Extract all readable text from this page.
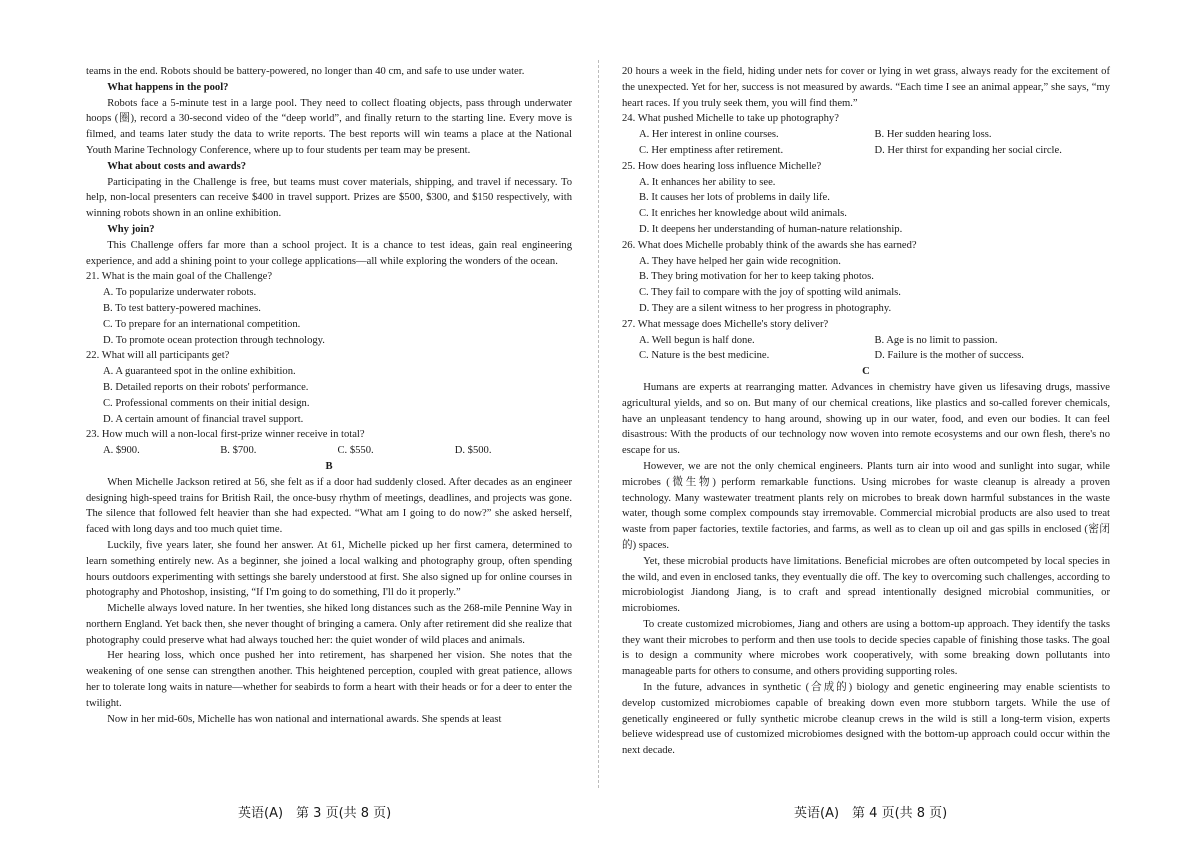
teams in the end. Robots should be battery-powered, no longer than 40 cm, and safe to use under water.

What happens in the pool?

Robots face a 5-minute test in a large pool. They need to collect floating objects, pass through underwater hoops (圈), record a 30-second video of the “deep world”, and finally return to the starting line. Every move is filmed, and teams later study the data to write reports. The best reports will win teams a place at the National Youth Marine Technology Conference, where up to four students per team may be present.

What about costs and awards?

Participating in the Challenge is free, but teams must cover materials, shipping, and travel if necessary. To help, non-local presenters can receive $400 in travel support. Prizes are $500, $300, and $150 respectively, with winning robots shown in an online exhibition.

Why join?

This Challenge offers far more than a school project. It is a chance to test ideas, gain real engineering experience, and add a shining point to your college applications—all while exploring the wonders of the ocean.

21. What is the main goal of the Challenge?

A. To popularize underwater robots.

B. To test battery-powered machines.

C. To prepare for an international competition.

D. To promote ocean protection through technology.

22. What will all participants get?

A. A guaranteed spot in the online exhibition.

B. Detailed reports on their robots' performance.

C. Professional comments on their initial design.

D. A certain amount of financial travel support.

23. How much will a non-local first-prize winner receive in total?

A. $900.	B. $700.	C. $550.	D. $500.

B

When Michelle Jackson retired at 56, she felt as if a door had suddenly closed. After decades as an engineer designing high-speed trains for British Rail, the once-busy rhythm of meetings, deadlines, and projects was gone. The silence that followed felt heavier than she had expected. “What am I going to do now?” she asked herself, faced with long days and too much quiet time.

Luckily, five years later, she found her answer. At 61, Michelle picked up her first camera, determined to learn something entirely new. As a beginner, she joined a local walking and photography group, often spending hours outdoors experimenting with settings she barely understood at first. She also signed up for online courses in photography and Photoshop, insisting, “If I'm going to do something, I'll do it properly.”

Michelle always loved nature. In her twenties, she hiked long distances such as the 268-mile Pennine Way in northern England. Yet back then, she never thought of bringing a camera. Only after retirement did she realize that photography could preserve what had always touched her: the quiet wonder of wild places and animals.

Her hearing loss, which once pushed her into retirement, has sharpened her vision. She notes that the weakening of one sense can strengthen another. This heightened perception, coupled with great patience, allows her to tolerate long waits in nature—whether for seabirds to form a heart with their heads or for a deer to enter the twilight.

Now in her mid-60s, Michelle has won national and international awards. She spends at least

20 hours a week in the field, hiding under nets for cover or lying in wet grass, always ready for the excitement of the unexpected. Yet for her, success is not measured by awards. “Each time I see an animal appear,” she says, “my heart races. If you truly seek them, you will find them.”

24. What pushed Michelle to take up photography?

A. Her interest in online courses.	B. Her sudden hearing loss.
C. Her emptiness after retirement.	D. Her thirst for expanding her social circle.

25. How does hearing loss influence Michelle?

A. It enhances her ability to see.

B. It causes her lots of problems in daily life.

C. It enriches her knowledge about wild animals.

D. It deepens her understanding of human-nature relationship.

26. What does Michelle probably think of the awards she has earned?

A. They have helped her gain wide recognition.

B. They bring motivation for her to keep taking photos.

C. They fail to compare with the joy of spotting wild animals.

D. They are a silent witness to her progress in photography.

27. What message does Michelle's story deliver?

A. Well begun is half done.	B. Age is no limit to passion.
C. Nature is the best medicine.	D. Failure is the mother of success.

C

Humans are experts at rearranging matter. Advances in chemistry have given us lifesaving drugs, massive agricultural yields, and so on. But many of our chemical creations, like plastics and so-called forever chemicals, have an unpleasant tendency to hang around, showing up in our water, food, and even our bodies. It can feel disastrous: With the products of our technology now woven into remote ecosystems and our own flesh, there's no escape for us.

However, we are not the only chemical engineers. Plants turn air into wood and sunlight into sugar, while microbes (微生物) perform remarkable functions. Using microbes for waste cleanup is already a proven technology. Many wastewater treatment plants rely on microbes to break down harmful substances in the waste water, though some complex compounds stay irremovable. Commercial microbial products are also used to treat waste from paper factories, textile factories, and farms, as well as to clean up oil and gas spills in enclosed (密闭的) spaces.

Yet, these microbial products have limitations. Beneficial microbes are often outcompeted by local species in the wild, and even in enclosed tanks, they eventually die off. The key to overcoming such challenges, according to microbiologist Jiandong Jiang, is to craft and spread intentionally designed microbial communities, or microbiomes.

To create customized microbiomes, Jiang and others are using a bottom-up approach. They identify the tasks they want their microbes to perform and then use tools to decide species capable of finishing those tasks. The goal is to design a community where microbes work cooperatively, with some breaking down pollutants into manageable parts for others to consume, and others providing supporting roles.

In the future, advances in synthetic (合成的) biology and genetic engineering may enable scientists to develop customized microbiomes capable of breaking down even more stubborn targets. While the use of genetically engineered or fully synthetic microbe cleanup crews in the wild is still a long-term vision, experts believe widespread use of customized microbiomes designed with the bottom-up approach could occur within the next decade.

英语(A)　第 3 页(共 8 页)	英语(A)　第 4 页(共 8 页)
